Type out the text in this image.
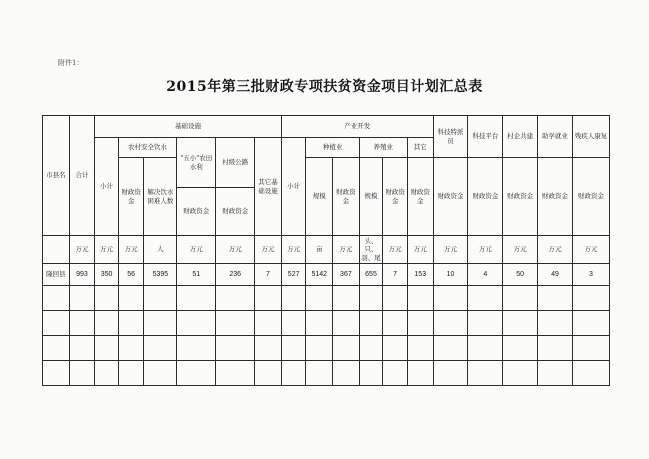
附件1：
2015年第三批财政专项扶贫资金项目计划汇总表
市县名	合计	基础设施						产业开发						科技特派员	科技平台	村企共建	助学就业	残疾人康复
		小计	农村安全饮水		"五小"农田水利	村级公路	其它基础设施	小计	种植业		养殖业		其它					
			财政资金	解决饮水困难人数					规模	财政资金	规模	财政资金	财政资金	财政资金	财政资金	财政资金	财政资金	财政资金
					财政资金	财政资金												
	万元	万元	万元	人	万元	万元	万元	万元	亩	万元	头、只、羽、尾	万元	万元	万元	万元	万元	万元	万元
隆回县	993	350	56	5395	51	236	7	527	5142	367	655	7	153	10	4	50	49	3
